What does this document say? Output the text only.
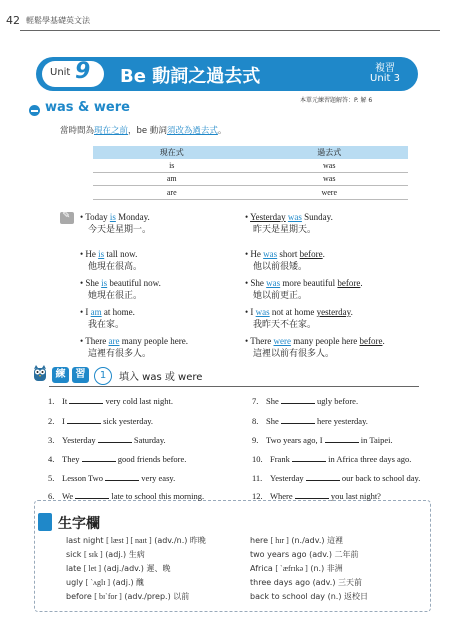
42 輕鬆學基礎英文法
Unit 9 Be 動詞之過去式	複習
Unit 3
本單元練習題解答：P. 解 6
was & were
當時間為現在之前，be 動詞須改為過去式。
現在式	過去式
is	was
am	was
are	were
✎
• Today is Monday.
今天是星期一。
• Yesterday was Sunday.
昨天是星期天。
• He is tall now.
他現在很高。
• He was short before.
他以前很矮。
• She is beautiful now.
她現在很正。
• She was more beautiful before.
她以前更正。
• I am at home.
我在家。
• I was not at home yesterday.
我昨天不在家。
• There are many people here.
這裡有很多人。
• There were many people here before.
這裡以前有很多人。
練	習	1	填入 was 或 were
1. It	very cold last night.
2. I	sick yesterday.
3. Yesterday	Saturday.
4. They	good friends before.
5. Lesson Two	very easy.
7. She	ugly before.
8. She	here yesterday.
9. Two years ago, I	in Taipei.
10. Frank	in Africa three days ago.
11. Yesterday	our back to school day.
生字欄
6. We	late to school this morning.	12. Where	you last night?
last night [ læst ] [ naɪt ] (adv./n.) 昨晚
sick [ sɪk ] (adj.) 生病
late [ let ] (adj./adv.) 遲、晚
ugly [ ˋʌglɪ ] (adj.) 醜
before [ bɪˋfor ] (adv./prep.) 以前
here [ hɪr ] (n./adv.) 這裡
two years ago (adv.) 二年前
Africa [ ˋæfrɪkə ] (n.) 非洲
three days ago (adv.) 三天前
back to school day (n.) 返校日
